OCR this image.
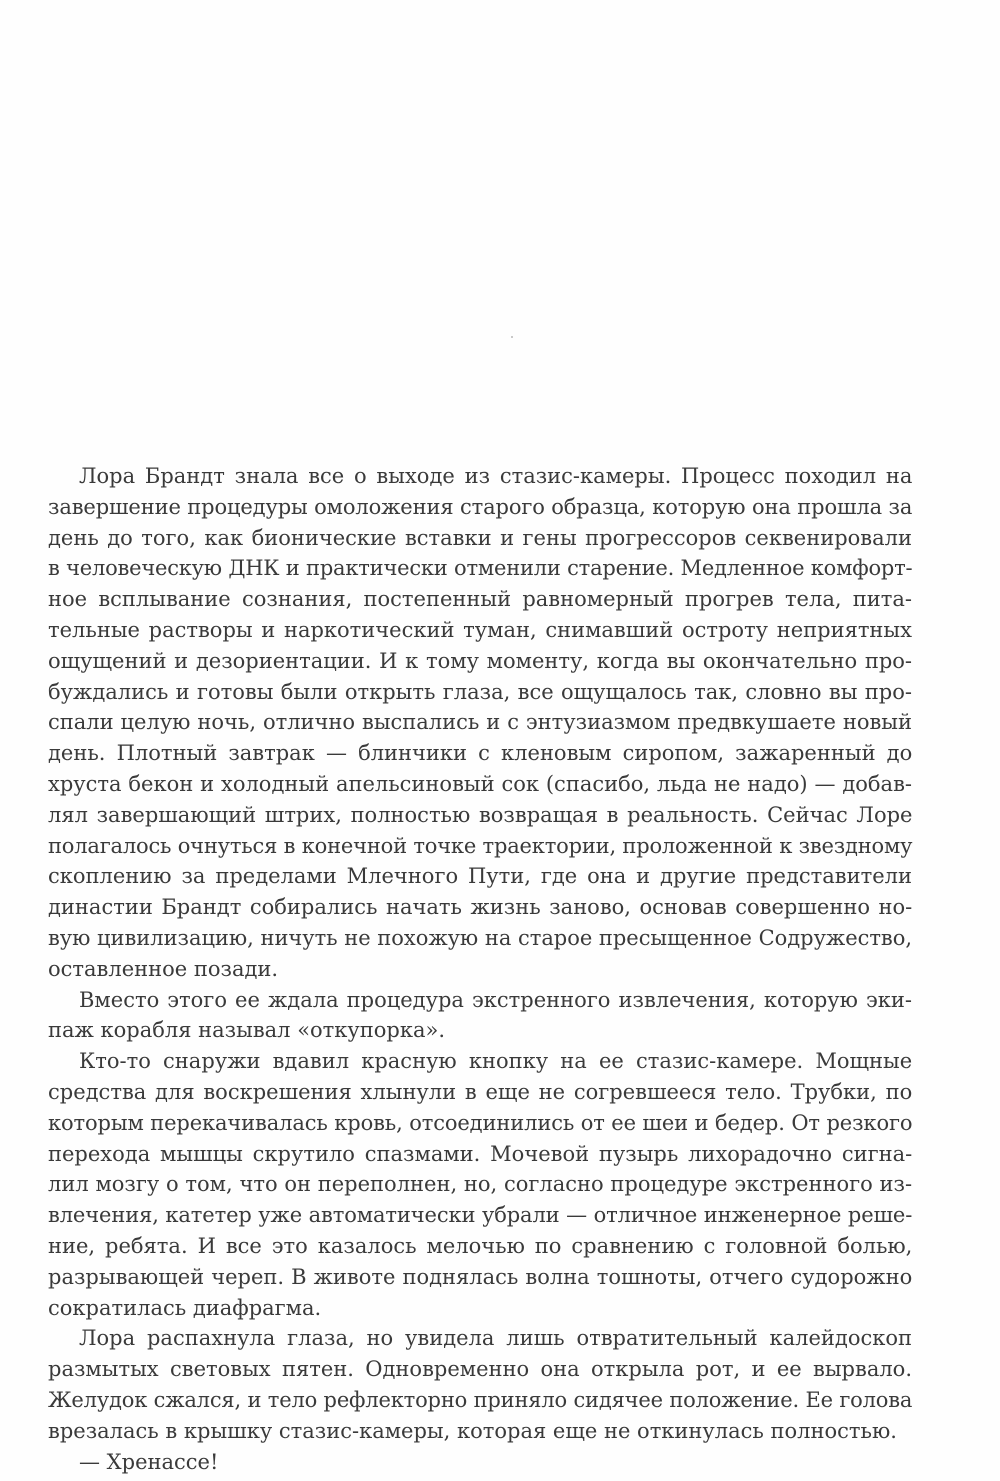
Лора Брандт знала все о выходе из стазис-камеры. Процесс походил на
завершение процедуры омоложения старого образца, которую она прошла за
день до того, как бионические вставки и гены прогрессоров секвенировали
в человеческую ДНК и практически отменили старение. Медленное комфорт-
ное всплывание сознания, постепенный равномерный прогрев тела, пита-
тельные растворы и наркотический туман, снимавший остроту неприятных
ощущений и дезориентации. И к тому моменту, когда вы окончательно про-
буждались и готовы были открыть глаза, все ощущалось так, словно вы про-
спали целую ночь, отлично выспались и с энтузиазмом предвкушаете новый
день. Плотный завтрак — блинчики с кленовым сиропом, зажаренный до
хруста бекон и холодный апельсиновый сок (спасибо, льда не надо) — добав-
лял завершающий штрих, полностью возвращая в реальность. Сейчас Лоре
полагалось очнуться в конечной точке траектории, проложенной к звездному
скоплению за пределами Млечного Пути, где она и другие представители
династии Брандт собирались начать жизнь заново, основав совершенно но-
вую цивилизацию, ничуть не похожую на старое пресыщенное Содружество,
оставленное позади.
Вместо этого ее ждала процедура экстренного извлечения, которую эки-
паж корабля называл «откупорка».
Кто-то снаружи вдавил красную кнопку на ее стазис-камере. Мощные
средства для воскрешения хлынули в еще не согревшееся тело. Трубки, по
которым перекачивалась кровь, отсоединились от ее шеи и бедер. От резкого
перехода мышцы скрутило спазмами. Мочевой пузырь лихорадочно сигна-
лил мозгу о том, что он переполнен, но, согласно процедуре экстренного из-
влечения, катетер уже автоматически убрали — отличное инженерное реше-
ние, ребята. И все это казалось мелочью по сравнению с головной болью,
разрывающей череп. В животе поднялась волна тошноты, отчего судорожно
сократилась диафрагма.
Лора распахнула глаза, но увидела лишь отвратительный калейдоскоп
размытых световых пятен. Одновременно она открыла рот, и ее вырвало.
Желудок сжался, и тело рефлекторно приняло сидячее положение. Ее голова
врезалась в крышку стазис-камеры, которая еще не откинулась полностью.
— Хренассе!
